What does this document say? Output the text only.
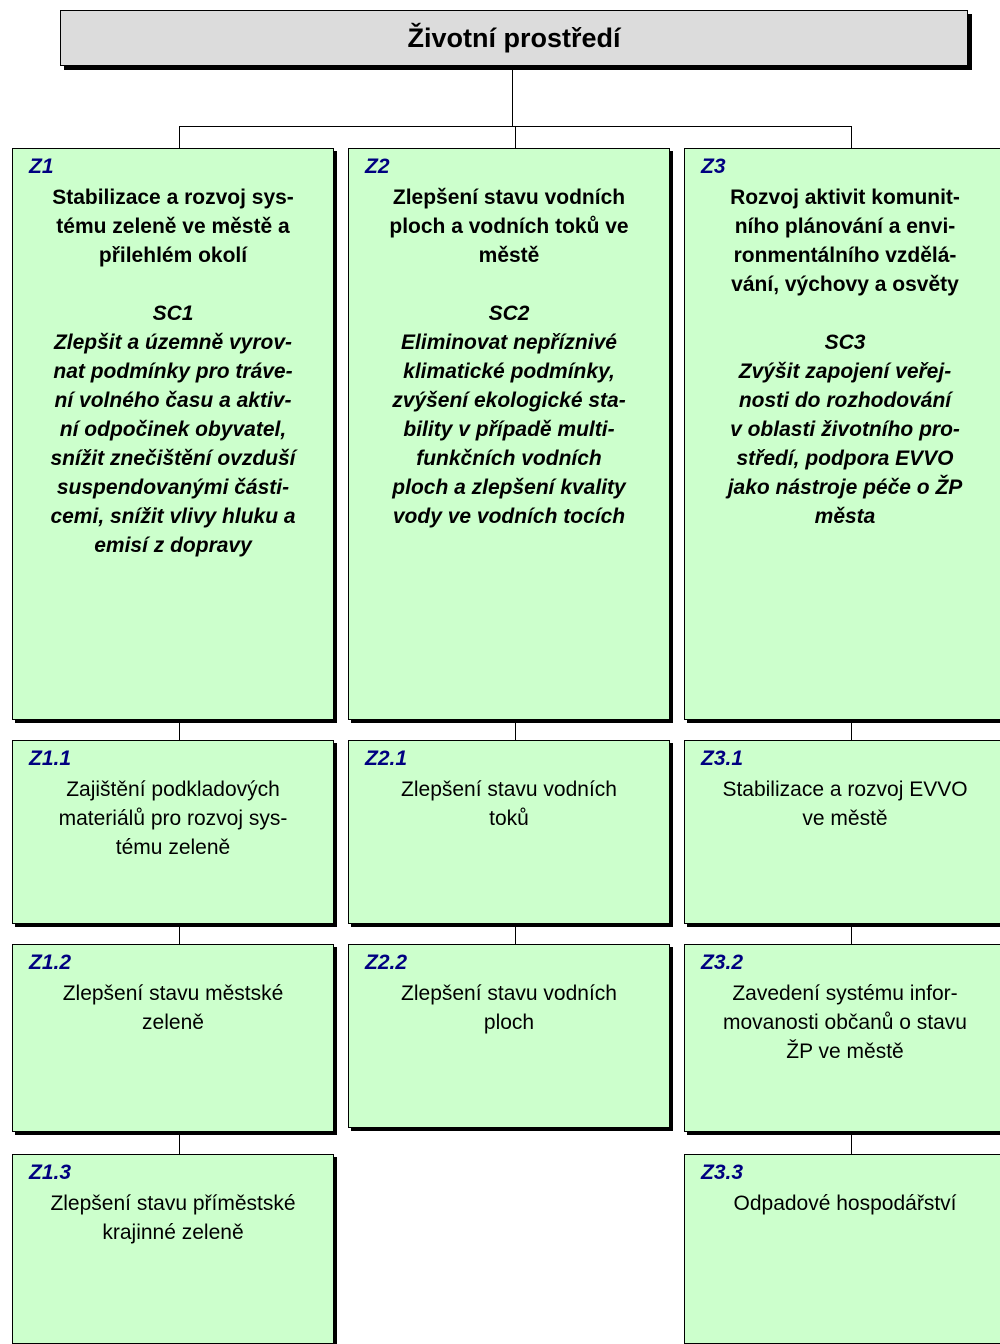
Životní prostředí
Z1
Stabilizace a rozvoj sys-
tému zeleně ve městě a
přilehlém okolí
SC1
Zlepšit a územně vyrov-
nat podmínky pro tráve-
ní volného času a aktiv-
ní odpočinek obyvatel,
snížit znečištění ovzduší
suspendovanými části-
cemi, snížit vlivy hluku a
emisí z dopravy
Z1.1
Zajištění podkladových
materiálů pro rozvoj sys-
tému zeleně
Z1.2
Zlepšení stavu městské
zeleně
Z1.3
Zlepšení stavu příměstské
krajinné zeleně
Z2
Zlepšení stavu vodních
ploch a vodních toků ve
městě
SC2
Eliminovat nepříznivé
klimatické podmínky,
zvýšení ekologické sta-
bility v případě multi-
funkčních vodních
ploch a zlepšení kvality
vody ve vodních tocích
Z2.1
Zlepšení stavu vodních
toků
Z2.2
Zlepšení stavu vodních
ploch
Z3
Rozvoj aktivit komunit-
ního plánování a envi-
ronmentálního vzdělá-
vání, výchovy a osvěty
SC3
Zvýšit zapojení veřej-
nosti do rozhodování
v oblasti životního pro-
středí, podpora EVVO
jako nástroje péče o ŽP
města
Z3.1
Stabilizace a rozvoj EVVO
ve městě
Z3.2
Zavedení systému infor-
movanosti občanů o stavu
ŽP ve městě
Z3.3
Odpadové hospodářství
